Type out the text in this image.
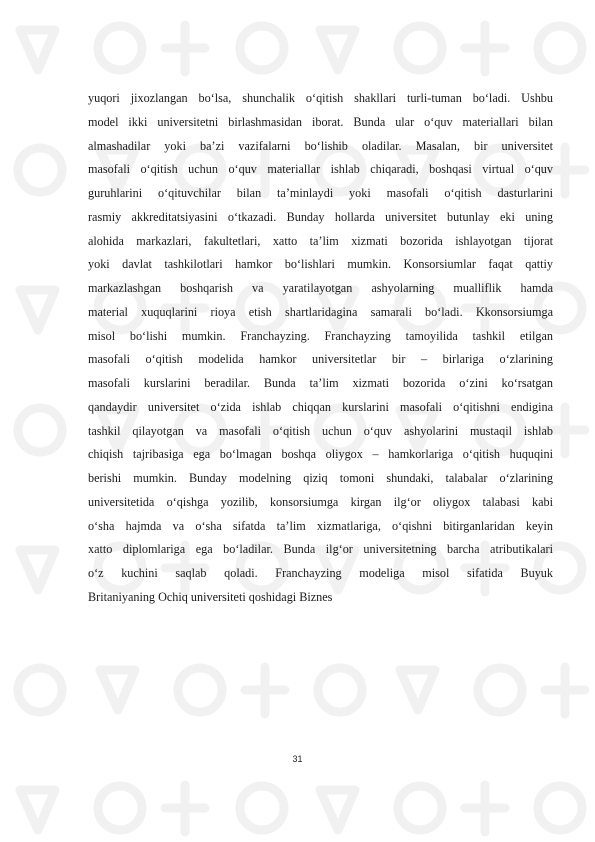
yuqori jixozlangan bo‘lsa, shunchalik o‘qitish shakllari turli-tuman bo‘ladi. Ushbu
model ikki universitetni birlashmasidan iborat. Bunda ular o‘quv materiallari bilan
almashadilar yoki ba’zi vazifalarni bo‘lishib oladilar. Masalan, bir universitet
masofali o‘qitish uchun o‘quv materiallar ishlab chiqaradi, boshqasi virtual o‘quv
guruhlarini o‘qituvchilar bilan ta’minlaydi yoki masofali o‘qitish dasturlarini
rasmiy akkreditatsiyasini o‘tkazadi. Bunday hollarda universitet butunlay eki uning
alohida markazlari, fakultetlari, xatto ta’lim xizmati bozorida ishlayotgan tijorat
yoki davlat tashkilotlari hamkor bo‘lishlari mumkin. Konsorsiumlar faqat qattiy
markazlashgan boshqarish va yaratilayotgan ashyolarning mualliflik hamda
material xuquqlarini rioya etish shartlaridagina samarali bo‘ladi. Kkonsorsiumga
misol bo‘lishi mumkin. Franchayzing. Franchayzing tamoyilida tashkil etilgan
masofali o‘qitish modelida hamkor universitetlar bir – birlariga o‘zlarining
masofali kurslarini beradilar. Bunda ta’lim xizmati bozorida o‘zini ko‘rsatgan
qandaydir universitet o‘zida ishlab chiqqan kurslarini masofali o‘qitishni endigina
tashkil qilayotgan va masofali o‘qitish uchun o‘quv ashyolarini mustaqil ishlab
chiqish tajribasiga ega bo‘lmagan boshqa oliygox – hamkorlariga o‘qitish huquqini
berishi mumkin. Bunday modelning qiziq tomoni shundaki, talabalar o‘zlarining
universitetida o‘qishga yozilib, konsorsiumga kirgan ilg‘or oliygox talabasi kabi
o‘sha hajmda va o‘sha sifatda ta’lim xizmatlariga, o‘qishni bitirganlaridan keyin
xatto diplomlariga ega bo‘ladilar. Bunda ilg‘or universitetning barcha atributikalari
o‘z kuchini saqlab qoladi. Franchayzing modeliga misol sifatida Buyuk
Britaniyaning Ochiq universiteti qoshidagi Biznes
31
